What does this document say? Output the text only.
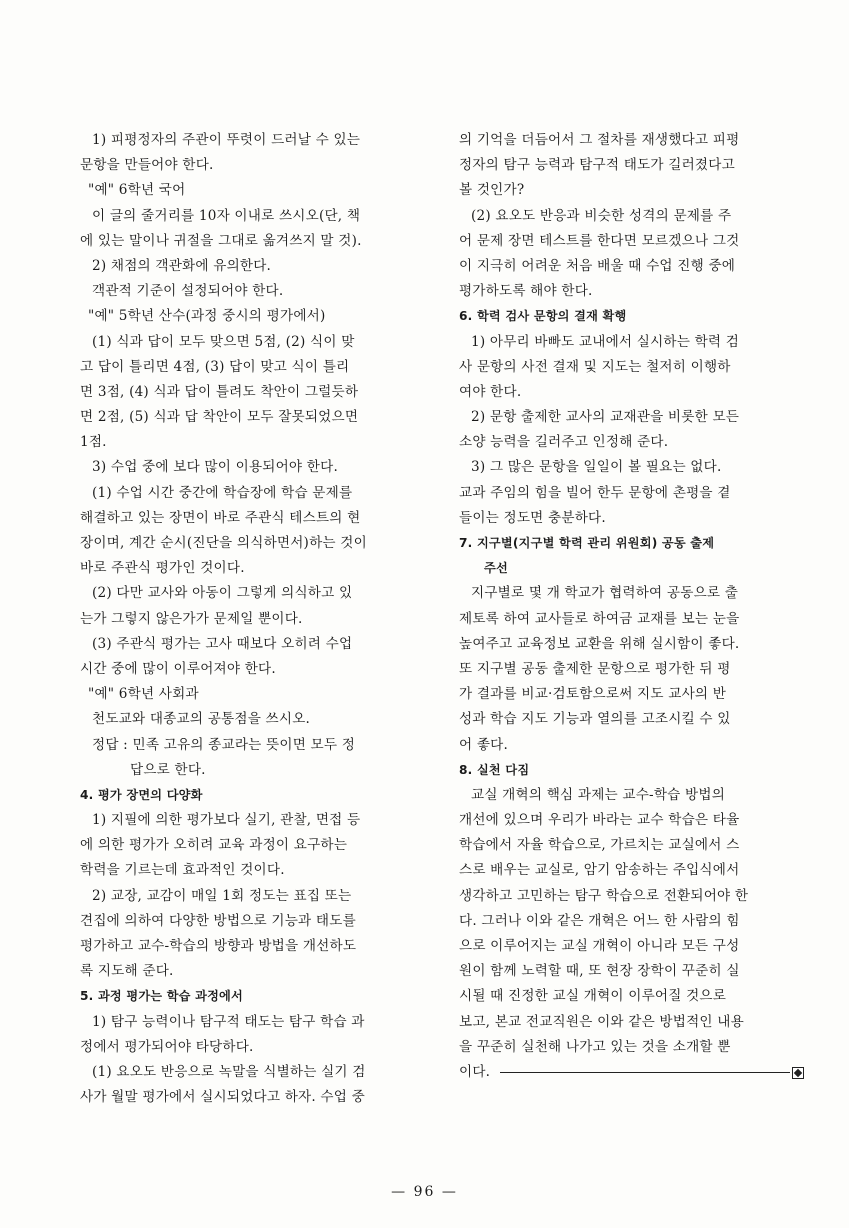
1) 피평정자의 주관이 뚜렷이 드러날 수 있는
문항을 만들어야 한다.
"예" 6학년 국어
이 글의 줄거리를 10자 이내로 쓰시오(단, 책
에 있는 말이나 귀절을 그대로 옮겨쓰지 말 것).
2) 채점의 객관화에 유의한다.
객관적 기준이 설정되어야 한다.
"예" 5학년 산수(과정 중시의 평가에서)
(1) 식과 답이 모두 맞으면 5점, (2) 식이 맞
고 답이 틀리면 4점, (3) 답이 맞고 식이 틀리
면 3점, (4) 식과 답이 틀려도 착안이 그럴듯하
면 2점, (5) 식과 답 착안이 모두 잘못되었으면
1점.
3) 수업 중에 보다 많이 이용되어야 한다.
(1) 수업 시간 중간에 학습장에 학습 문제를
해결하고 있는 장면이 바로 주관식 테스트의 현
장이며, 계간 순시(진단을 의식하면서)하는 것이
바로 주관식 평가인 것이다.
(2) 다만 교사와 아동이 그렇게 의식하고 있
는가 그렇지 않은가가 문제일 뿐이다.
(3) 주관식 평가는 고사 때보다 오히려 수업
시간 중에 많이 이루어져야 한다.
"예" 6학년 사회과
천도교와 대종교의 공통점을 쓰시오.
정답 : 민족 고유의 종교라는 뜻이면 모두 정
답으로 한다.
4. 평가 장면의 다양화
1) 지필에 의한 평가보다 실기, 관찰, 면접 등
에 의한 평가가 오히려 교육 과정이 요구하는
학력을 기르는데 효과적인 것이다.
2) 교장, 교감이 매일 1회 정도는 표집 또는
견집에 의하여 다양한 방법으로 기능과 태도를
평가하고 교수-학습의 방향과 방법을 개선하도
록 지도해 준다.
5. 과정 평가는 학습 과정에서
1) 탐구 능력이나 탐구적 태도는 탐구 학습 과
정에서 평가되어야 타당하다.
(1) 요오도 반응으로 녹말을 식별하는 실기 검
사가 월말 평가에서 실시되었다고 하자. 수업 중
의 기억을 더듬어서 그 절차를 재생했다고 피평
정자의 탐구 능력과 탐구적 태도가 길러졌다고
볼 것인가?
(2) 요오도 반응과 비슷한 성격의 문제를 주
어 문제 장면 테스트를 한다면 모르겠으나 그것
이 지극히 어려운 처음 배울 때 수업 진행 중에
평가하도록 해야 한다.
6. 학력 검사 문항의 결재 확행
1) 아무리 바빠도 교내에서 실시하는 학력 검
사 문항의 사전 결재 및 지도는 철저히 이행하
여야 한다.
2) 문항 출제한 교사의 교재관을 비롯한 모든
소양 능력을 길러주고 인정해 준다.
3) 그 많은 문항을 일일이 볼 필요는 없다.
교과 주임의 힘을 빌어 한두 문항에 촌평을 곁
들이는 정도면 충분하다.
7. 지구별(지구별 학력 관리 위원회) 공동 출제
주선
지구별로 몇 개 학교가 협력하여 공동으로 출
제토록 하여 교사들로 하여금 교재를 보는 눈을
높여주고 교육정보 교환을 위해 실시함이 좋다.
또 지구별 공동 출제한 문항으로 평가한 뒤 평
가 결과를 비교·검토함으로써 지도 교사의 반
성과 학습 지도 기능과 열의를 고조시킬 수 있
어 좋다.
8. 실천 다짐
교실 개혁의 핵심 과제는 교수-학습 방법의
개선에 있으며 우리가 바라는 교수 학습은 타율
학습에서 자율 학습으로, 가르치는 교실에서 스
스로 배우는 교실로, 암기 암송하는 주입식에서
생각하고 고민하는 탐구 학습으로 전환되어야 한
다. 그러나 이와 같은 개혁은 어느 한 사람의 힘
으로 이루어지는 교실 개혁이 아니라 모든 구성
원이 함께 노력할 때, 또 현장 장학이 꾸준히 실
시될 때 진정한 교실 개혁이 이루어질 것으로
보고, 본교 전교직원은 이와 같은 방법적인 내용
을 꾸준히 실천해 나가고 있는 것을 소개할 뿐
이다.
— 96 —
